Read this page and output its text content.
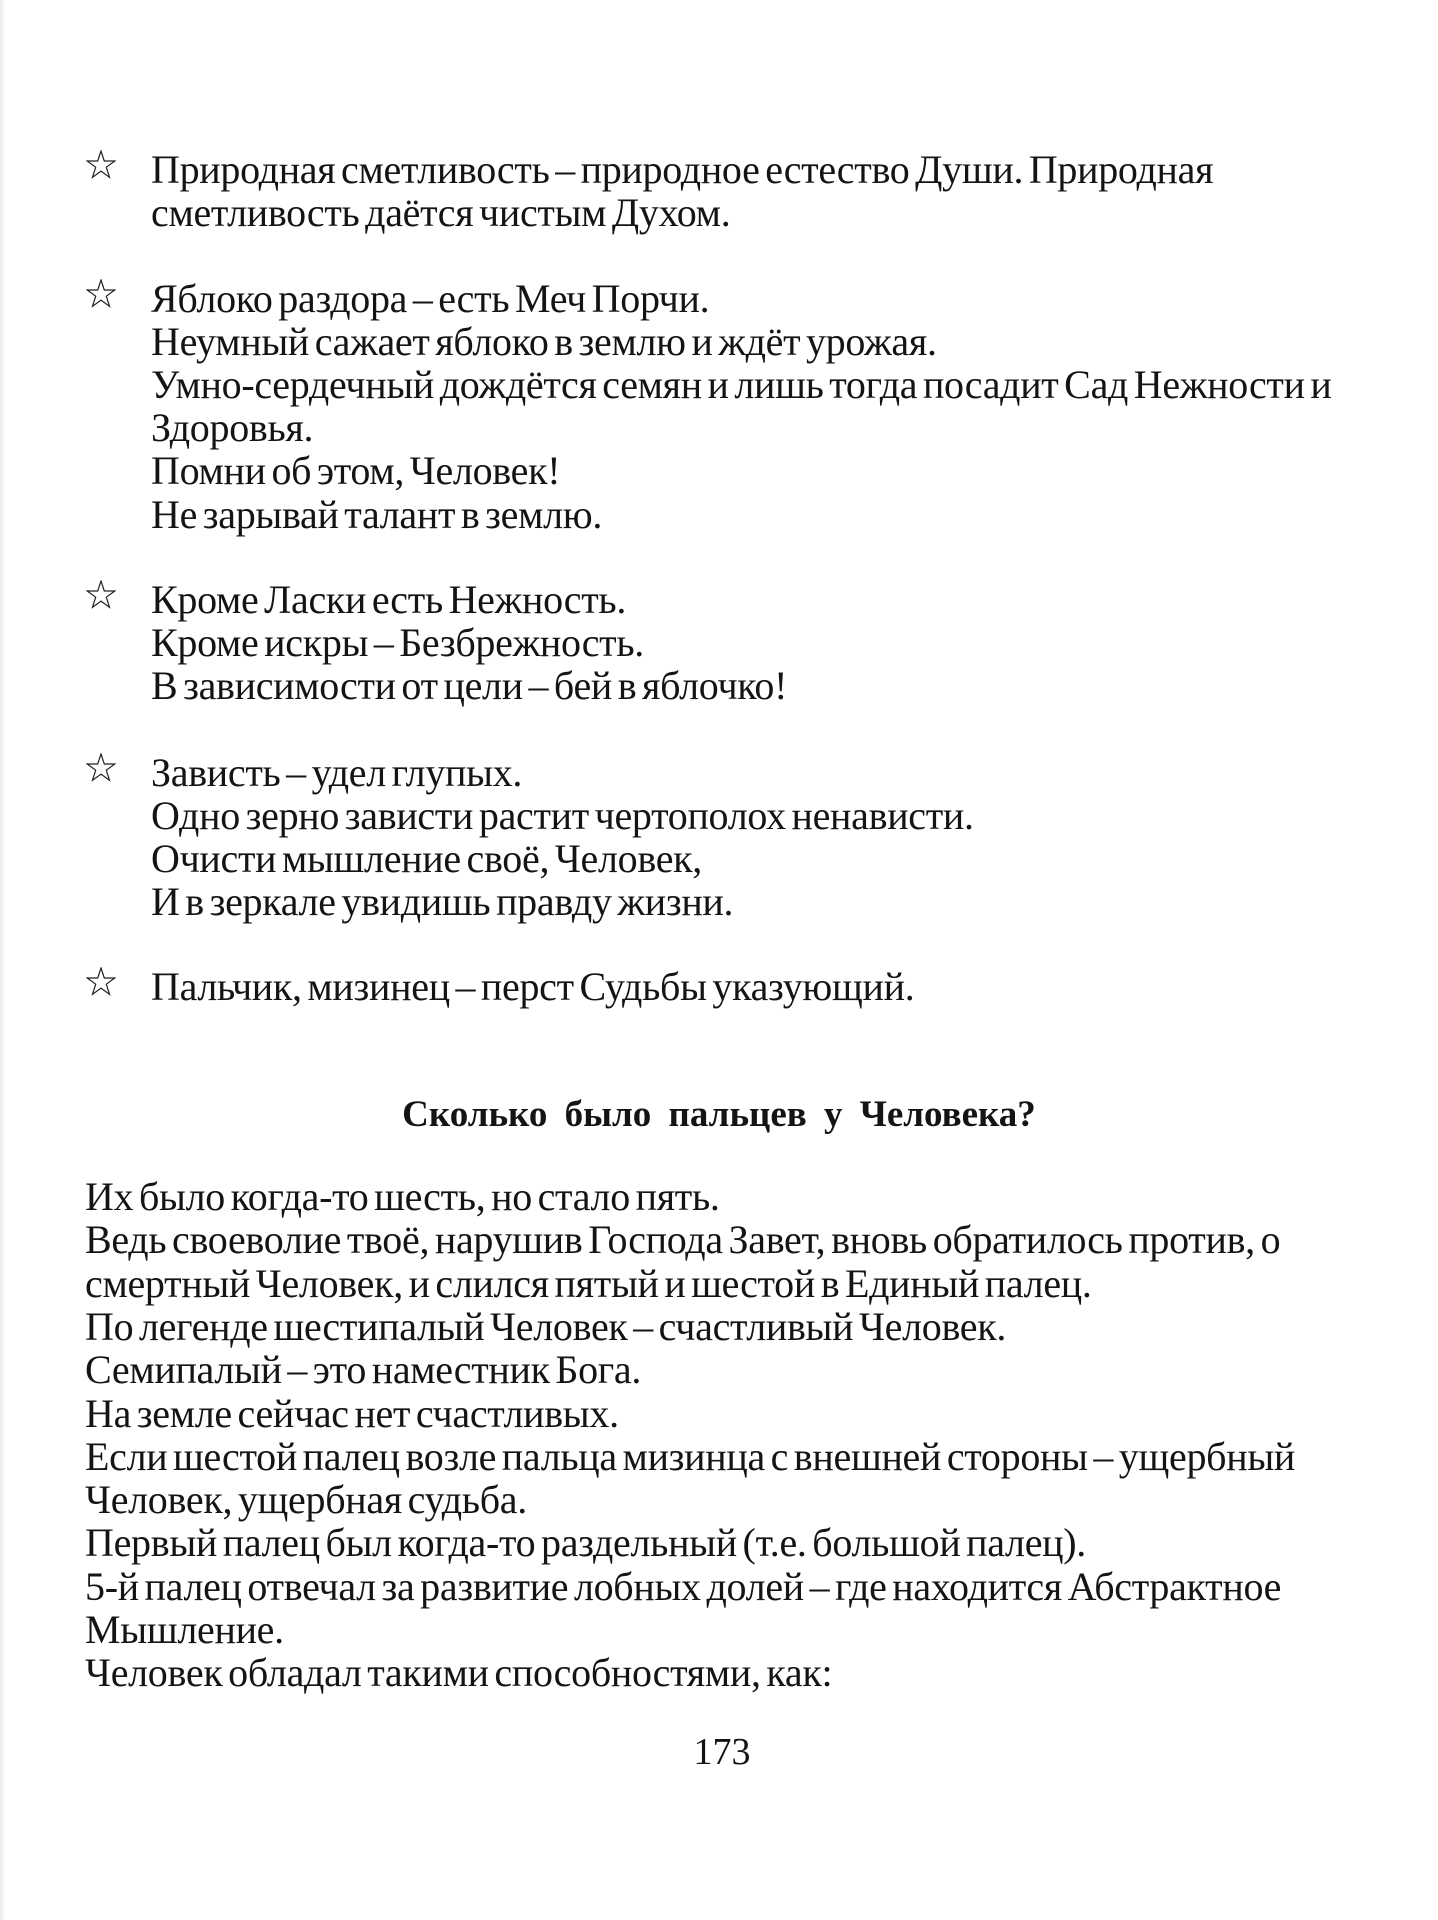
Природная сметливость – природное естество Души. Природная
сметливость даётся чистым Духом.
Яблоко раздора – есть Меч Порчи.
Неумный сажает яблоко в землю и ждёт урожая.
Умно-сердечный дождётся семян и лишь тогда посадит Сад Нежности и
Здоровья.
Помни об этом, Человек!
Не зарывай талант в землю.
Кроме Ласки есть Нежность.
Кроме искры – Безбрежность.
В зависимости от цели – бей в яблочко!
Зависть – удел глупых.
Одно зерно зависти растит чертополох ненависти.
Очисти мышление своё, Человек,
И в зеркале увидишь правду жизни.
Пальчик, мизинец – перст Судьбы указующий.
Сколько было пальцев у Человека?
Их было когда-то шесть, но стало пять.
Ведь своеволие твоё, нарушив Господа Завет, вновь обратилось против, о
смертный Человек, и слился пятый и шестой в Единый палец.
По легенде шестипалый Человек – счастливый Человек.
Семипалый – это наместник Бога.
На земле сейчас нет счастливых.
Если шестой палец возле пальца мизинца с внешней стороны – ущербный
Человек, ущербная судьба.
Первый палец был когда-то раздельный (т.е. большой палец).
5-й палец отвечал за развитие лобных долей – где находится Абстрактное
Мышление.
Человек обладал такими способностями, как:
173
